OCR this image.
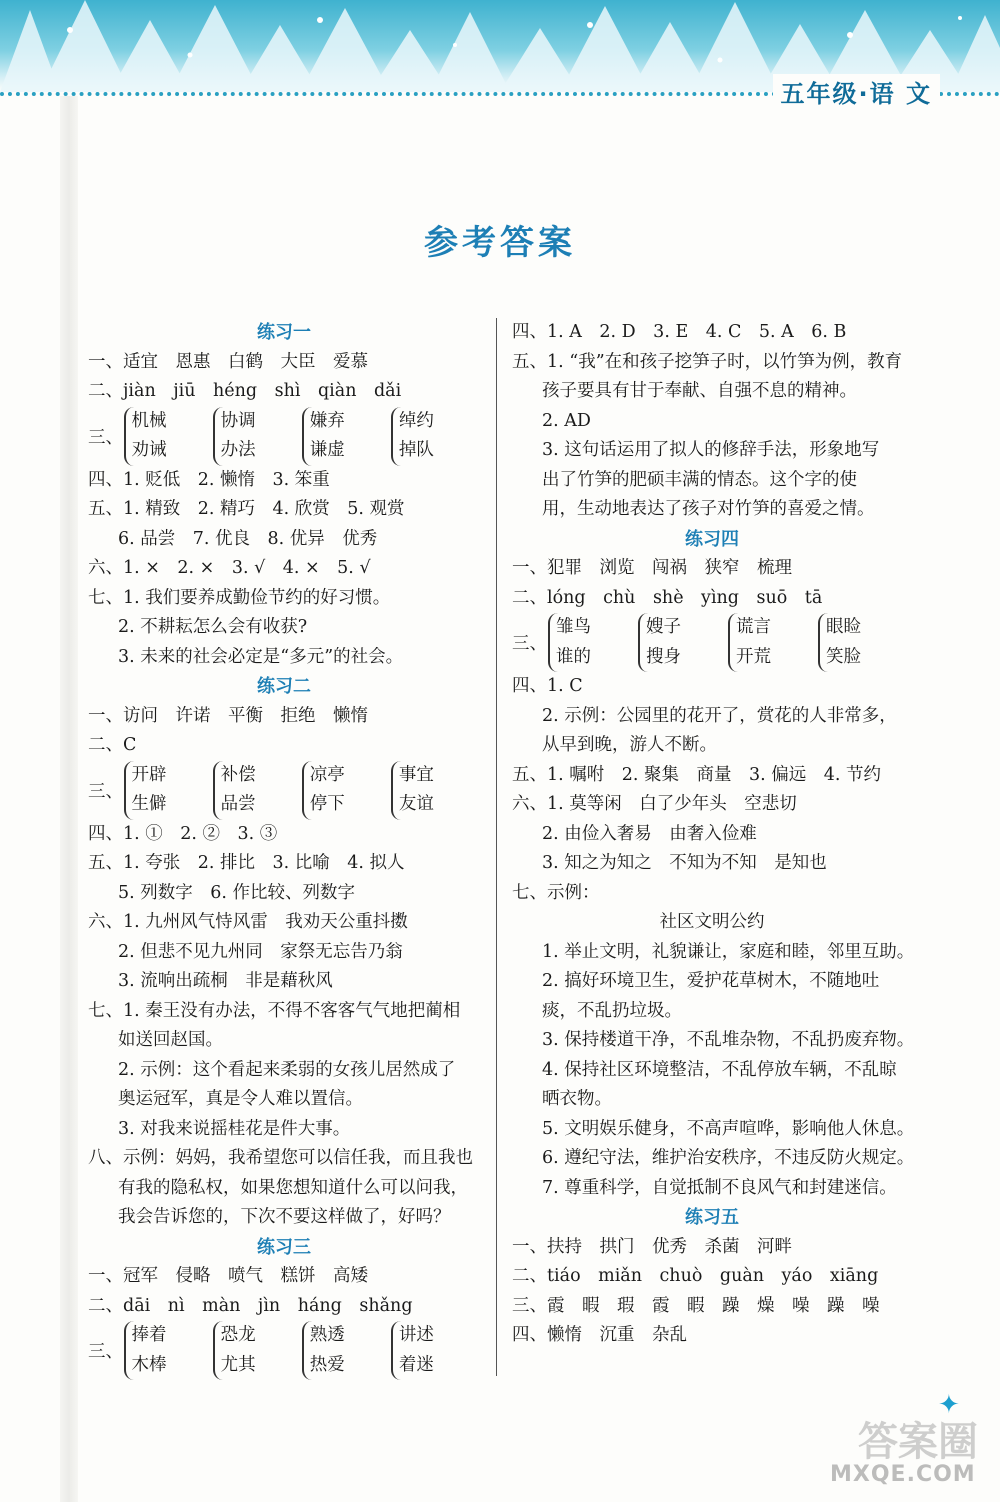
五年级·语 文
参考答案
练习一
一、适宜　恩惠　白鹤　大臣　爱慕
二、jiàn　jiū　héng　shì　qiàn　dǎi
三、
机械
劝诫
协调
办法
嫌弃
谦虚
绰约
掉队
四、1. 贬低　2. 懒惰　3. 笨重
五、1. 精致　2. 精巧　4. 欣赏　5. 观赏
6. 品尝　7. 优良　8. 优异　优秀
六、1. ×　2. ×　3. √　4. ×　5. √
七、1. 我们要养成勤俭节约的好习惯。
2. 不耕耘怎么会有收获?
3. 未来的社会必定是“多元”的社会。
练习二
一、访问　许诺　平衡　拒绝　懒惰
二、C
三、
开辟
生僻
补偿
品尝
凉亭
停下
事宜
友谊
四、1. ①　2. ②　3. ③
五、1. 夸张　2. 排比　3. 比喻　4. 拟人
5. 列数字　6. 作比较、列数字
六、1. 九州风气恃风雷　我劝天公重抖擞
2. 但悲不见九州同　家祭无忘告乃翁
3. 流响出疏桐　非是藉秋风
七、1. 秦王没有办法，不得不客客气气地把蔺相
如送回赵国。
2. 示例：这个看起来柔弱的女孩儿居然成了
奥运冠军，真是令人难以置信。
3. 对我来说摇桂花是件大事。
八、示例：妈妈，我希望您可以信任我，而且我也
有我的隐私权，如果您想知道什么可以问我，
我会告诉您的，下次不要这样做了，好吗？
练习三
一、冠军　侵略　喷气　糕饼　高矮
二、dāi　nì　màn　jìn　háng　shǎng
三、
捧着
木棒
恐龙
尤其
熟透
热爱
讲述
着迷
四、1. A　2. D　3. E　4. C　5. A　6. B
五、1. “我”在和孩子挖笋子时，以竹笋为例，教育
孩子要具有甘于奉献、自强不息的精神。
2. AD
3. 这句话运用了拟人的修辞手法，形象地写
出了竹笋的肥硕丰满的情态。这个字的使
用，生动地表达了孩子对竹笋的喜爱之情。
练习四
一、犯罪　浏览　闯祸　狭窄　梳理
二、lóng　chù　shè　yìng　suō　tā
三、
雏鸟
谁的
嫂子
搜身
谎言
开荒
眼睑
笑脸
四、1. C
2. 示例：公园里的花开了，赏花的人非常多，
从早到晚，游人不断。
五、1. 嘱咐　2. 聚集　商量　3. 偏远　4. 节约
六、1. 莫等闲　白了少年头　空悲切
2. 由俭入奢易　由奢入俭难
3. 知之为知之　不知为不知　是知也
七、示例：
社区文明公约
1. 举止文明，礼貌谦让，家庭和睦，邻里互助。
2. 搞好环境卫生，爱护花草树木，不随地吐
痰，不乱扔垃圾。
3. 保持楼道干净，不乱堆杂物，不乱扔废弃物。
4. 保持社区环境整洁，不乱停放车辆，不乱晾
晒衣物。
5. 文明娱乐健身，不高声喧哗，影响他人休息。
6. 遵纪守法，维护治安秩序，不违反防火规定。
7. 尊重科学，自觉抵制不良风气和封建迷信。
练习五
一、扶持　拱门　优秀　杀菌　河畔
二、tiáo　miǎn　chuò　guàn　yáo　xiāng
三、霞　暇　瑕　霞　暇　躁　燥　噪　躁　噪
四、懒惰　沉重　杂乱
✦
答案圈
MXQE.COM
